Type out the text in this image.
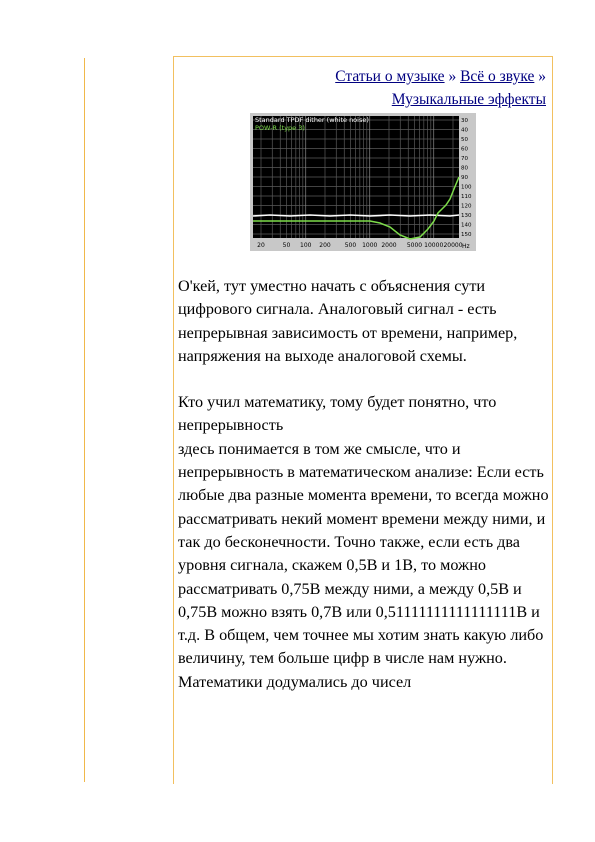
Статьи о музыке » Всё о звуке » Музыкальные эффекты
30
40
50
60
70
80
90
100
110
120
130
140
150
20	50 100 200 500 1000 2000 5000 10000 20000
Standard TPDF dither (white noise)
POW-R (type 3)
Hz

О'кей, тут уместно начать с объяснения сути цифрового сигнала. Аналоговый сигнал - есть непрерывная зависимость от времени, например, напряжения на выходе аналоговой схемы.

Кто учил математику, тому будет понятно, что непрерывность
здесь понимается в том же смысле, что и непрерывность в математическом анализе: Если есть любые два разные момента времени, то всегда можно рассматривать некий момент времени между ними, и так до бесконечности. Точно также, если есть два уровня сигнала, скажем 0,5В и 1В, то можно рассматривать 0,75В между ними, а между 0,5В и 0,75В можно взять 0,7В или 0,51111111111111111В и т.д. В общем, чем точнее мы хотим знать какую либо величину, тем больше цифр в числе нам нужно. Математики додумались до чисел
